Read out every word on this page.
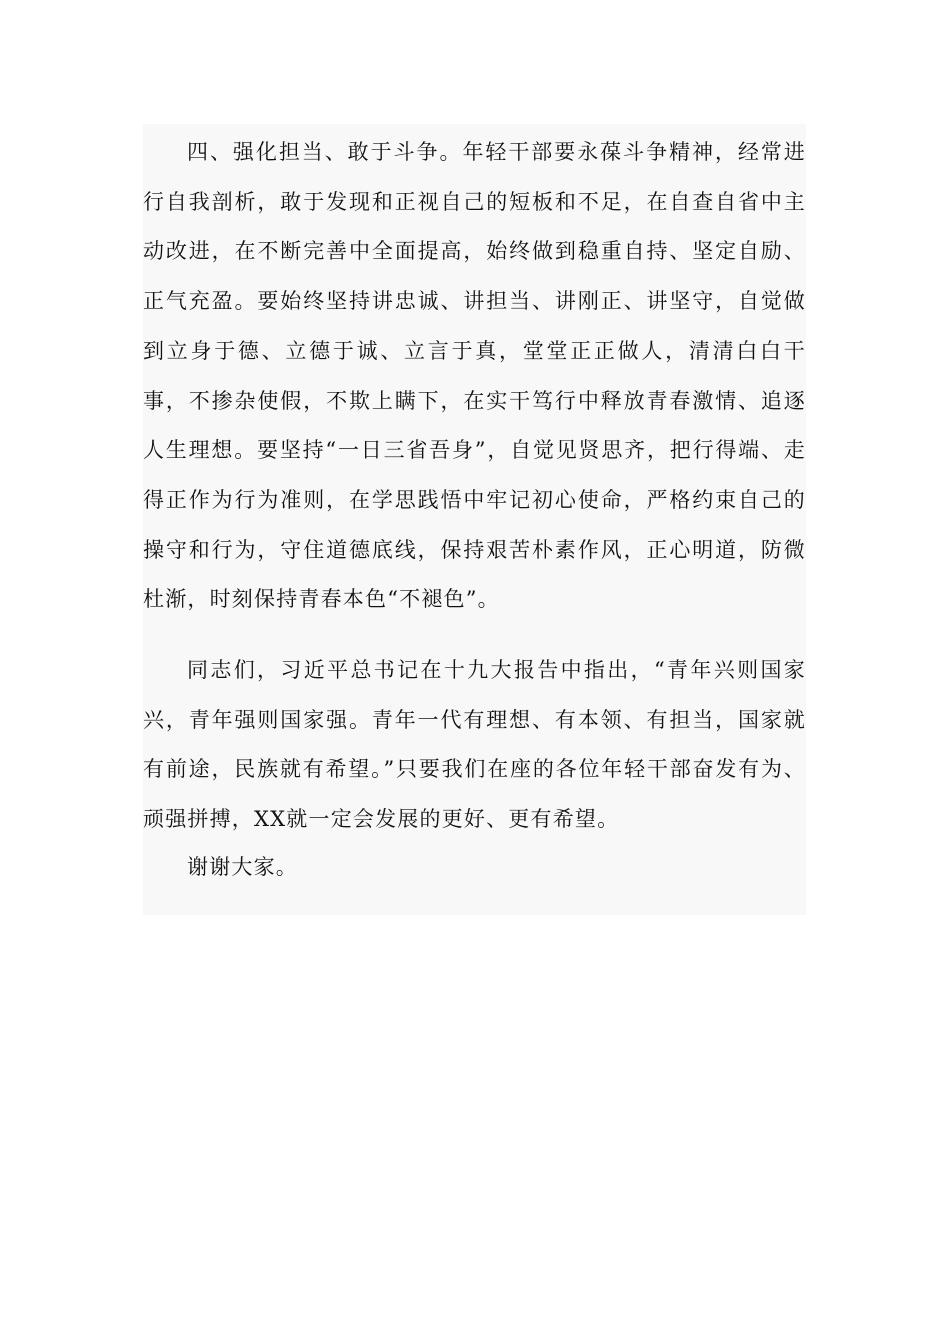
四、强化担当、敢于斗争。年轻干部要永葆斗争精神，经常进行自我剖析，敢于发现和正视自己的短板和不足，在自查自省中主动改进，在不断完善中全面提高，始终做到稳重自持、坚定自励、正气充盈。要始终坚持讲忠诚、讲担当、讲刚正、讲坚守，自觉做到立身于德、立德于诚、立言于真，堂堂正正做人，清清白白干事，不掺杂使假，不欺上瞒下，在实干笃行中释放青春激情、追逐人生理想。要坚持“一日三省吾身”，自觉见贤思齐，把行得端、走得正作为行为准则，在学思践悟中牢记初心使命，严格约束自己的操守和行为，守住道德底线，保持艰苦朴素作风，正心明道，防微杜渐，时刻保持青春本色“不褪色”。

同志们，习近平总书记在十九大报告中指出，“青年兴则国家兴，青年强则国家强。青年一代有理想、有本领、有担当，国家就有前途，民族就有希望。”只要我们在座的各位年轻干部奋发有为、顽强拼搏，XX就一定会发展的更好、更有希望。

谢谢大家。
